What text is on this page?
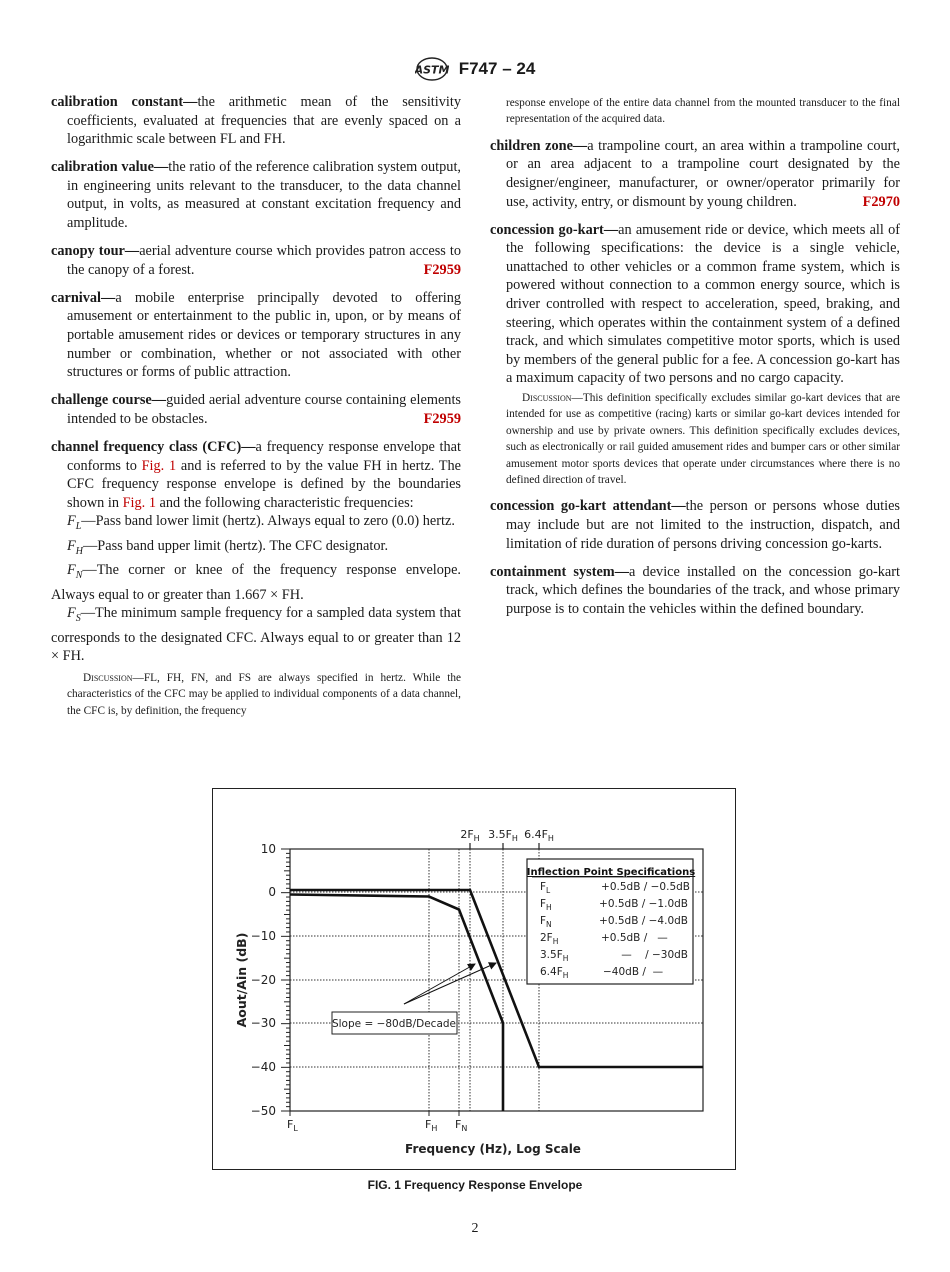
ASTM F747 – 24

calibration constant—the arithmetic mean of the sensitivity coefficients, evaluated at frequencies that are evenly spaced on a logarithmic scale between FL and FH.

calibration value—the ratio of the reference calibration system output, in engineering units relevant to the transducer, to the data channel output, in volts, as measured at constant excitation frequency and amplitude.

canopy tour—aerial adventure course which provides patron access to the canopy of a forest.	F2959

carnival—a mobile enterprise principally devoted to offering amusement or entertainment to the public in, upon, or by means of portable amusement rides or devices or temporary structures in any number or combination, whether or not associated with other structures or forms of public attraction.

challenge course—guided aerial adventure course containing elements intended to be obstacles.	F2959

channel frequency class (CFC)—a frequency response envelope that conforms to Fig. 1 and is referred to by the value FH in hertz. The CFC frequency response envelope is defined by the boundaries shown in Fig. 1 and the following characteristic frequencies:

$F_L—Pass$ band lower limit (hertz). Always equal to zero (0.0) hertz.

$F_H—Pass$ band upper limit (hertz). The CFC designator.

$F_N—The$ corner or knee of the frequency response envelope. Always equal to or greater than 1.667 × FH.

$F_S—The$ minimum sample frequency for a sampled data system that corresponds to the designated CFC. Always equal to or greater than 12 × FH.

Discussion—FL, FH, FN, and FS are always specified in hertz. While the characteristics of the CFC may be applied to individual components of a data channel, the CFC is, by definition, the frequency

response envelope of the entire data channel from the mounted transducer to the final representation of the acquired data.

children zone—a trampoline court, an area within a trampoline court, or an area adjacent to a trampoline court designated by the designer/engineer, manufacturer, or owner/operator primarily for use, activity, entry, or dismount by young children.	F2970

concession go-kart—an amusement ride or device, which meets all of the following specifications: the device is a single vehicle, unattached to other vehicles or a common frame system, which is powered without connection to a common energy source, which is driver controlled with respect to acceleration, speed, braking, and steering, which operates within the containment system of a defined track, and which simulates competitive motor sports, which is used by members of the general public for a fee. A concession go-kart has a maximum capacity of two persons and no cargo capacity.

Discussion—This definition specifically excludes similar go-kart devices that are intended for use as competitive (racing) karts or similar go-kart devices intended for ownership and use by private owners. This definition specifically excludes devices, such as electronically or rail guided amusement rides and bumper cars or other similar amusement motor sports devices that operate under circumstances where there is no defined direction of travel.

concession go-kart attendant—the person or persons whose duties may include but are not limited to the instruction, dispatch, and limitation of ride duration of persons driving concession go-karts.

containment system—a device installed on the concession go-kart track, which defines the boundaries of the track, and whose primary purpose is to contain the vehicles within the defined boundary.

10
0
−10
−20
−30
−40
−50
Aout/Ain (dB)
$F_L$	$F_H$ $F_N$
$2F_H$ $3.5F_H$ $6.4F_H$
Frequency (Hz), Log Scale
Slope = −80dB/Decade
Inflection Point Specifications
$F_L$	+0.5dB / −0.5dB
$F_H$	+0.5dB / −1.0dB
$F_N$	+0.5dB / −4.0dB
$2F_H$	+0.5dB /   —
$3.5F_H$	—    / −30dB
$6.4F_H$	−40dB /  —
FIG. 1 Frequency Response Envelope
2
